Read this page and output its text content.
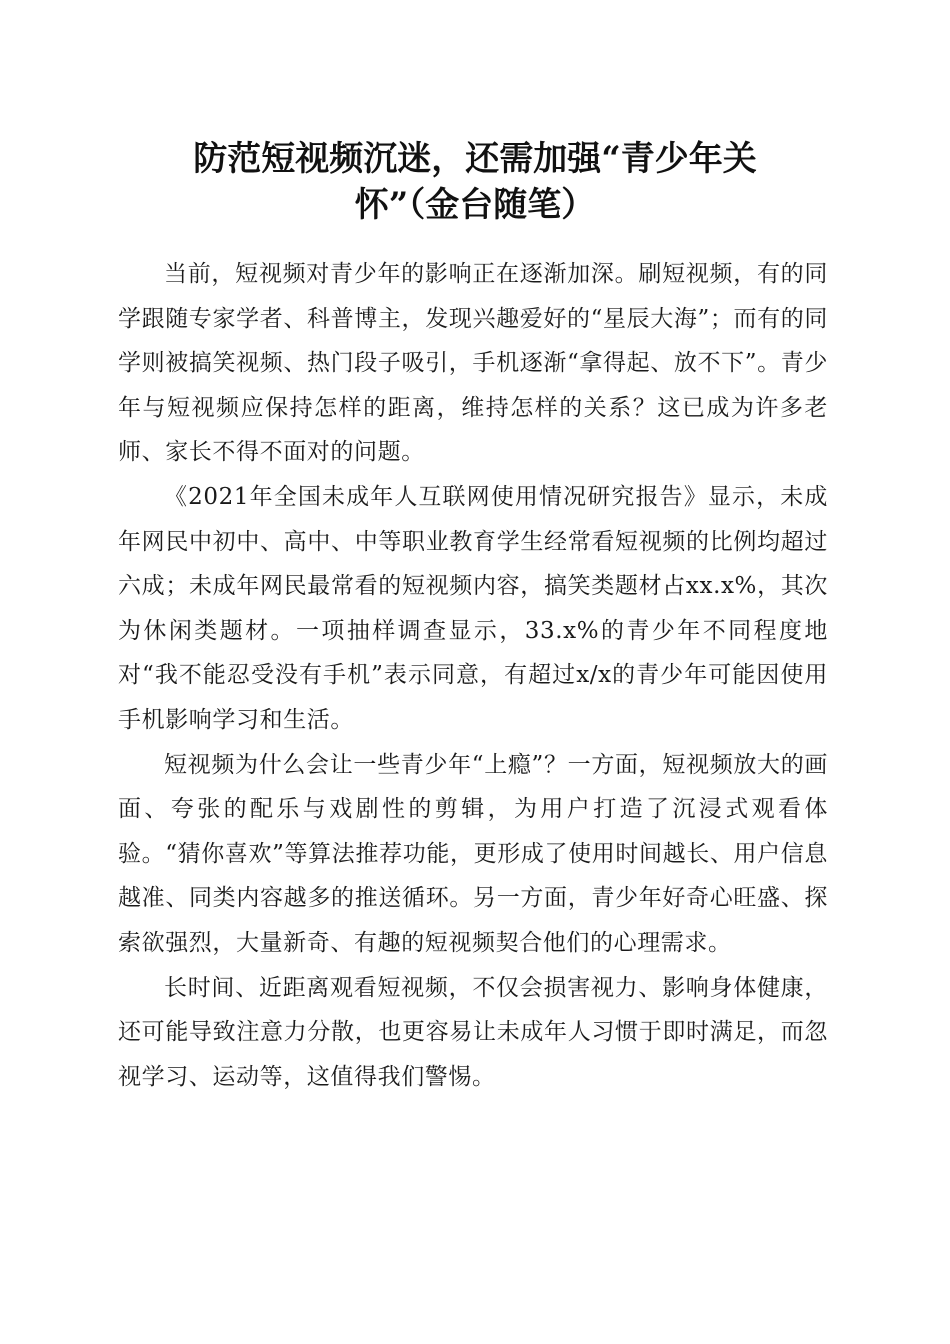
防范短视频沉迷，还需加强“青少年关
怀”（金台随笔）

当前，短视频对青少年的影响正在逐渐加深。刷短视频，有的同学跟随专家学者、科普博主，发现兴趣爱好的“星辰大海”；而有的同学则被搞笑视频、热门段子吸引，手机逐渐“拿得起、放不下”。青少年与短视频应保持怎样的距离，维持怎样的关系？这已成为许多老师、家长不得不面对的问题。

《2021年全国未成年人互联网使用情况研究报告》显示，未成年网民中初中、高中、中等职业教育学生经常看短视频的比例均超过六成；未成年网民最常看的短视频内容，搞笑类题材占xx.x%，其次为休闲类题材。一项抽样调查显示，33.x%的青少年不同程度地对“我不能忍受没有手机”表示同意，有超过x/x的青少年可能因使用手机影响学习和生活。

短视频为什么会让一些青少年“上瘾”？一方面，短视频放大的画面、夸张的配乐与戏剧性的剪辑，为用户打造了沉浸式观看体验。“猜你喜欢”等算法推荐功能，更形成了使用时间越长、用户信息越准、同类内容越多的推送循环。另一方面，青少年好奇心旺盛、探索欲强烈，大量新奇、有趣的短视频契合他们的心理需求。

长时间、近距离观看短视频，不仅会损害视力、影响身体健康，还可能导致注意力分散，也更容易让未成年人习惯于即时满足，而忽视学习、运动等，这值得我们警惕。
